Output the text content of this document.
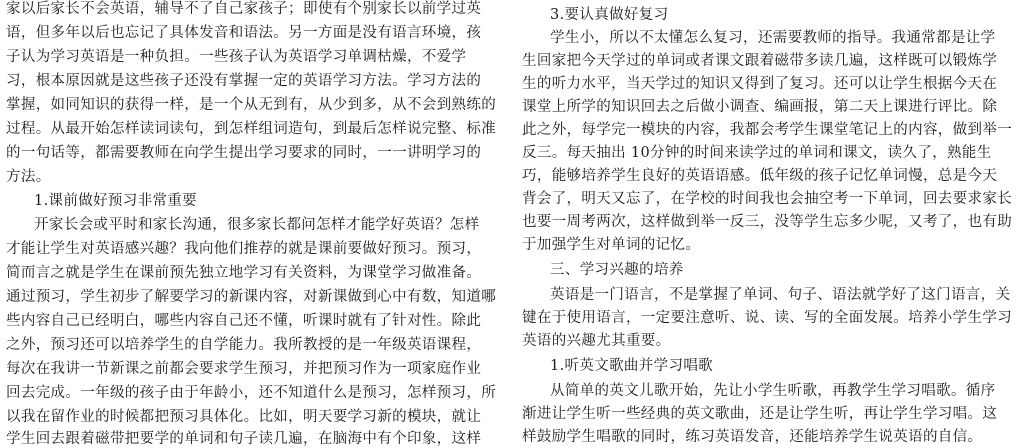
家以后家长不会英语，辅导不了自己家孩子；即使有个别家长以前学过英
语，但多年以后也忘记了具体发音和语法。另一方面是没有语言环境，孩
子认为学习英语是一种负担。一些孩子认为英语学习单调枯燥，不爱学
习，根本原因就是这些孩子还没有掌握一定的英语学习方法。学习方法的
掌握，如同知识的获得一样，是一个从无到有，从少到多，从不会到熟练的
过程。从最开始怎样读词读句，到怎样组词造句，到最后怎样说完整、标准
的一句话等，都需要教师在向学生提出学习要求的同时，一一讲明学习的
方法。
1.课前做好预习非常重要
开家长会或平时和家长沟通，很多家长都问怎样才能学好英语？怎样
才能让学生对英语感兴趣？我向他们推荐的就是课前要做好预习。预习，
简而言之就是学生在课前预先独立地学习有关资料，为课堂学习做准备。
通过预习，学生初步了解要学习的新课内容，对新课做到心中有数，知道哪
些内容自己已经明白，哪些内容自己还不懂，听课时就有了针对性。除此
之外，预习还可以培养学生的自学能力。我所教授的是一年级英语课程，
每次在我讲一节新课之前都会要求学生预习，并把预习作为一项家庭作业
回去完成。一年级的孩子由于年龄小，还不知道什么是预习，怎样预习，所
以我在留作业的时候都把预习具体化。比如，明天要学习新的模块，就让
学生回去跟着磁带把要学的单词和句子读几遍，在脑海中有个印象，这样
3.要认真做好复习
学生小，所以不太懂怎么复习，还需要教师的指导。我通常都是让学
生回家把今天学过的单词或者课文跟着磁带多读几遍，这样既可以锻炼学
生的听力水平，当天学过的知识又得到了复习。还可以让学生根据今天在
课堂上所学的知识回去之后做小调查、编画报，第二天上课进行评比。除
此之外，每学完一模块的内容，我都会考学生课堂笔记上的内容，做到举一
反三。每天抽出 10分钟的时间来读学过的单词和课文，读久了，熟能生
巧，能够培养学生良好的英语语感。低年级的孩子记忆单词慢，总是今天
背会了，明天又忘了，在学校的时间我也会抽空考一下单词，回去要求家长
也要一周考两次，这样做到举一反三，没等学生忘多少呢，又考了，也有助
于加强学生对单词的记忆。
三、学习兴趣的培养
英语是一门语言，不是掌握了单词、句子、语法就学好了这门语言，关
键在于使用语言，一定要注意听、说、读、写的全面发展。培养小学生学习
英语的兴趣尤其重要。
1.听英文歌曲并学习唱歌
从简单的英文儿歌开始，先让小学生听歌，再教学生学习唱歌。循序
渐进让学生听一些经典的英文歌曲，还是让学生听，再让学生学习唱。这
样鼓励学生唱歌的同时，练习英语发音，还能培养学生说英语的自信。
